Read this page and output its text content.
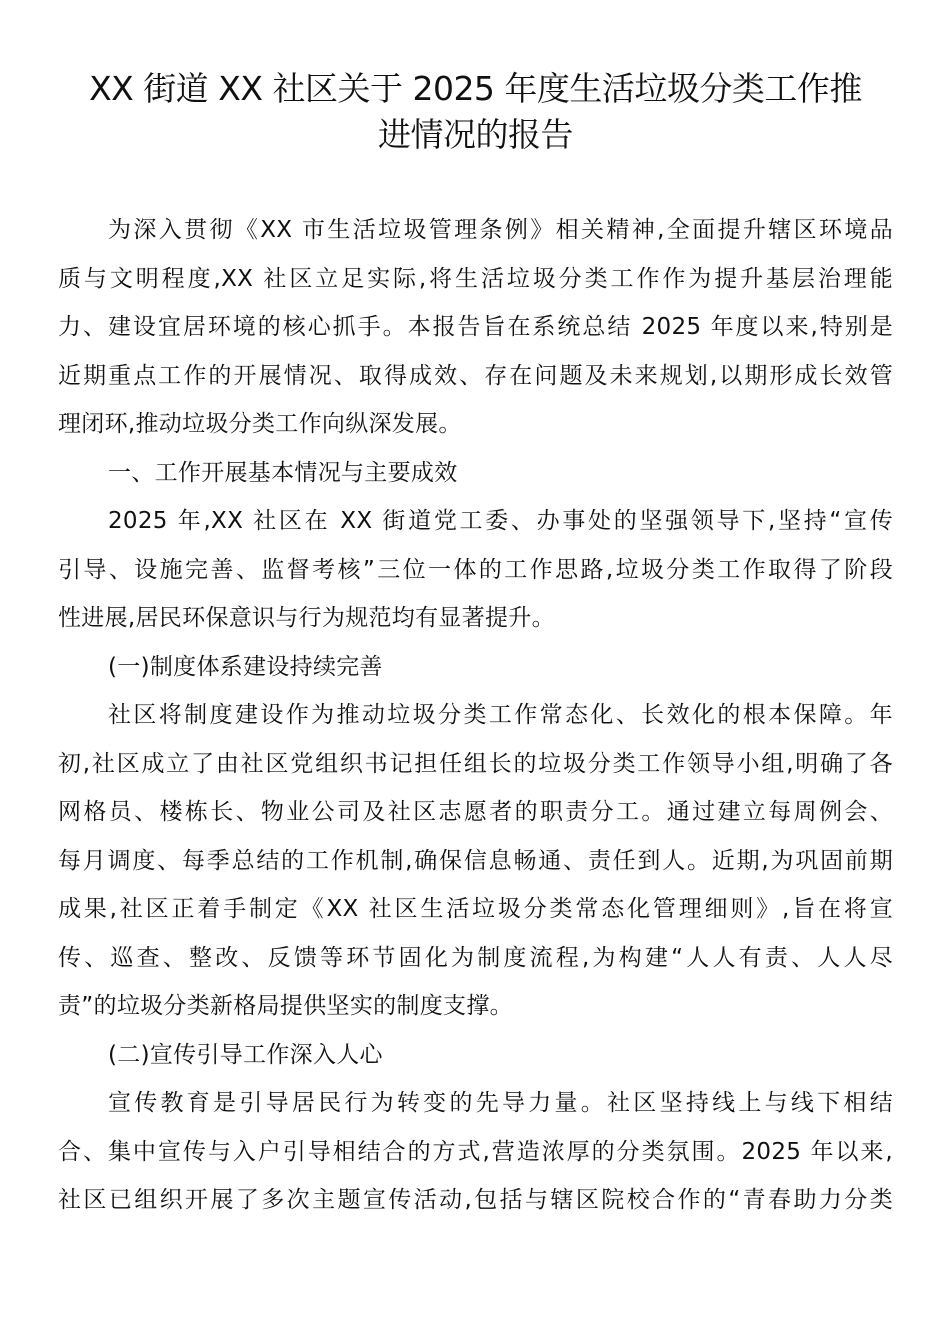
XX 街道 XX 社区关于 2025 年度生活垃圾分类工作推
进情况的报告
为深入贯彻《XX 市生活垃圾管理条例》相关精神,全面提升辖区环境品
质与文明程度,XX 社区立足实际,将生活垃圾分类工作作为提升基层治理能
力、建设宜居环境的核心抓手。本报告旨在系统总结 2025 年度以来,特别是
近期重点工作的开展情况、取得成效、存在问题及未来规划,以期形成长效管
理闭环,推动垃圾分类工作向纵深发展。
一、工作开展基本情况与主要成效
2025 年,XX 社区在 XX 街道党工委、办事处的坚强领导下,坚持“宣传
引导、设施完善、监督考核”三位一体的工作思路,垃圾分类工作取得了阶段
性进展,居民环保意识与行为规范均有显著提升。
(一)制度体系建设持续完善
社区将制度建设作为推动垃圾分类工作常态化、长效化的根本保障。年
初,社区成立了由社区党组织书记担任组长的垃圾分类工作领导小组,明确了各
网格员、楼栋长、物业公司及社区志愿者的职责分工。通过建立每周例会、
每月调度、每季总结的工作机制,确保信息畅通、责任到人。近期,为巩固前期
成果,社区正着手制定《XX 社区生活垃圾分类常态化管理细则》,旨在将宣
传、巡查、整改、反馈等环节固化为制度流程,为构建“人人有责、人人尽
责”的垃圾分类新格局提供坚实的制度支撑。
(二)宣传引导工作深入人心
宣传教育是引导居民行为转变的先导力量。社区坚持线上与线下相结
合、集中宣传与入户引导相结合的方式,营造浓厚的分类氛围。2025 年以来,
社区已组织开展了多次主题宣传活动,包括与辖区院校合作的“青春助力分类
